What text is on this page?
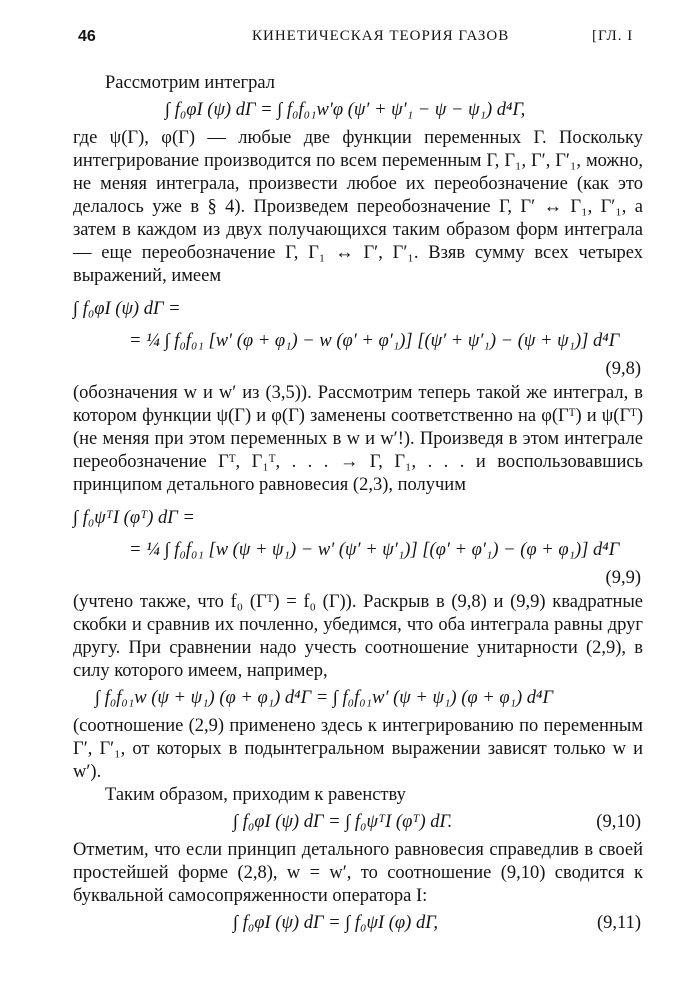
46	КИНЕТИЧЕСКАЯ ТЕОРИЯ ГАЗОВ	[ГЛ. I

Рассмотрим интеграл

∫ f₀φI (ψ) dΓ = ∫ f₀f₀₁w′φ (ψ′ + ψ′₁ − ψ − ψ₁) d⁴Γ,

где ψ(Γ), φ(Γ) — любые две функции переменных Γ. Поскольку интегрирование производится по всем переменным Γ, Γ₁, Γ′, Γ′₁, можно, не меняя интеграла, произвести любое их переобозначение (как это делалось уже в § 4). Произведем переобозначение Γ, Γ′ ↔ Γ₁, Γ′₁, а затем в каждом из двух получающихся таким образом форм интеграла — еще переобозначение Γ, Γ₁ ↔ Γ′, Γ′₁. Взяв сумму всех четырех выражений, имеем

∫ f₀φI (ψ) dΓ =
= ¼ ∫ f₀f₀₁ [w′ (φ + φ₁) − w (φ′ + φ′₁)] [(ψ′ + ψ′₁) − (ψ + ψ₁)] d⁴Γ
(9,8)

(обозначения w и w′ из (3,5)). Рассмотрим теперь такой же интеграл, в котором функции ψ(Γ) и φ(Γ) заменены соответственно на φ(Γᵀ) и ψ(Γᵀ) (не меняя при этом переменных в w и w′!). Произведя в этом интеграле переобозначение Γᵀ, Γ₁ᵀ, . . . → Γ, Γ₁, . . . и воспользовавшись принципом детального равновесия (2,3), получим

∫ f₀ψᵀI (φᵀ) dΓ =
= ¼ ∫ f₀f₀₁ [w (ψ + ψ₁) − w′ (ψ′ + ψ′₁)] [(φ′ + φ′₁) − (φ + φ₁)] d⁴Γ
(9,9)

(учтено также, что f₀ (Γᵀ) = f₀ (Γ)). Раскрыв в (9,8) и (9,9) квадратные скобки и сравнив их почленно, убедимся, что оба интеграла равны друг другу. При сравнении надо учесть соотношение унитарности (2,9), в силу которого имеем, например,

∫ f₀f₀₁w (ψ + ψ₁) (φ + φ₁) d⁴Γ = ∫ f₀f₀₁w′ (ψ + ψ₁) (φ + φ₁) d⁴Γ

(соотношение (2,9) применено здесь к интегрированию по переменным Γ′, Γ′₁, от которых в подынтегральном выражении зависят только w и w′).

Таким образом, приходим к равенству

∫ f₀φI (ψ) dΓ = ∫ f₀ψᵀI (φᵀ) dΓ.	(9,10)

Отметим, что если принцип детального равновесия справедлив в своей простейшей форме (2,8), w = w′, то соотношение (9,10) сводится к буквальной самосопряженности оператора I:

∫ f₀φI (ψ) dΓ = ∫ f₀ψI (φ) dΓ,	(9,11)
